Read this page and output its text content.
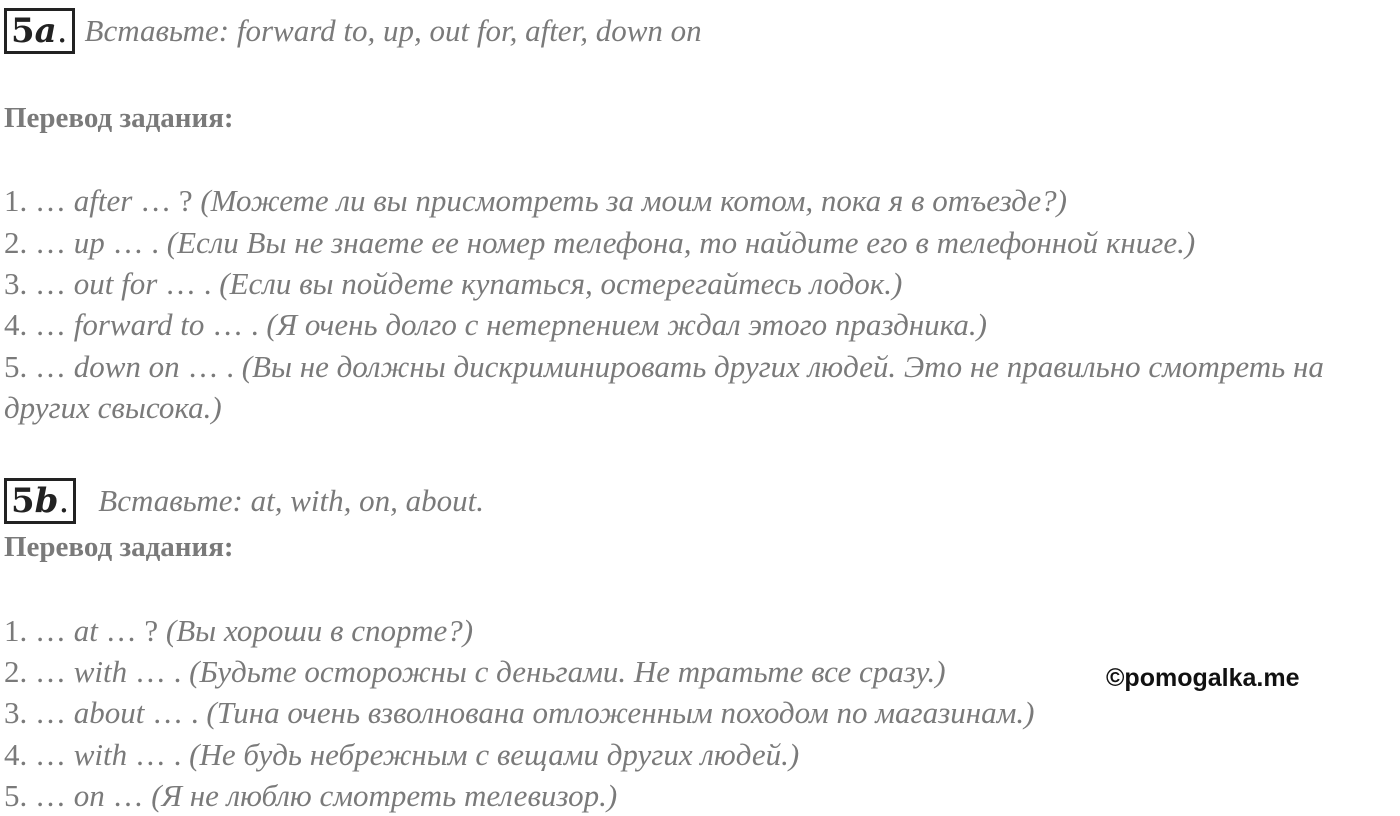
5 a . Вставьте: forward to, up, out for, after, down on
Перевод задания:
1. … after … ? (Можете ли вы присмотреть за моим котом, пока я в отъезде?)
2. … up … . (Если Вы не знаете ее номер телефона, то найдите его в телефонной книге.)
3. … out for … . (Если вы пойдете купаться, остерегайтесь лодок.)
4. … forward to … . (Я очень долго с нетерпением ждал этого праздника.)
5. … down on … . (Вы не должны дискриминировать других людей. Это не правильно смотреть на других свысока.)
5 b . Вставьте: at, with, on, about.
Перевод задания:
1. … at … ? (Вы хороши в спорте?)
2. … with … . (Будьте осторожны с деньгами. Не тратьте все сразу.)
3. … about … . (Тина очень взволнована отложенным походом по магазинам.)
4. … with … . (Не будь небрежным с вещами других людей.)
5. … on … (Я не люблю смотреть телевизор.)
©pomogalka.me
